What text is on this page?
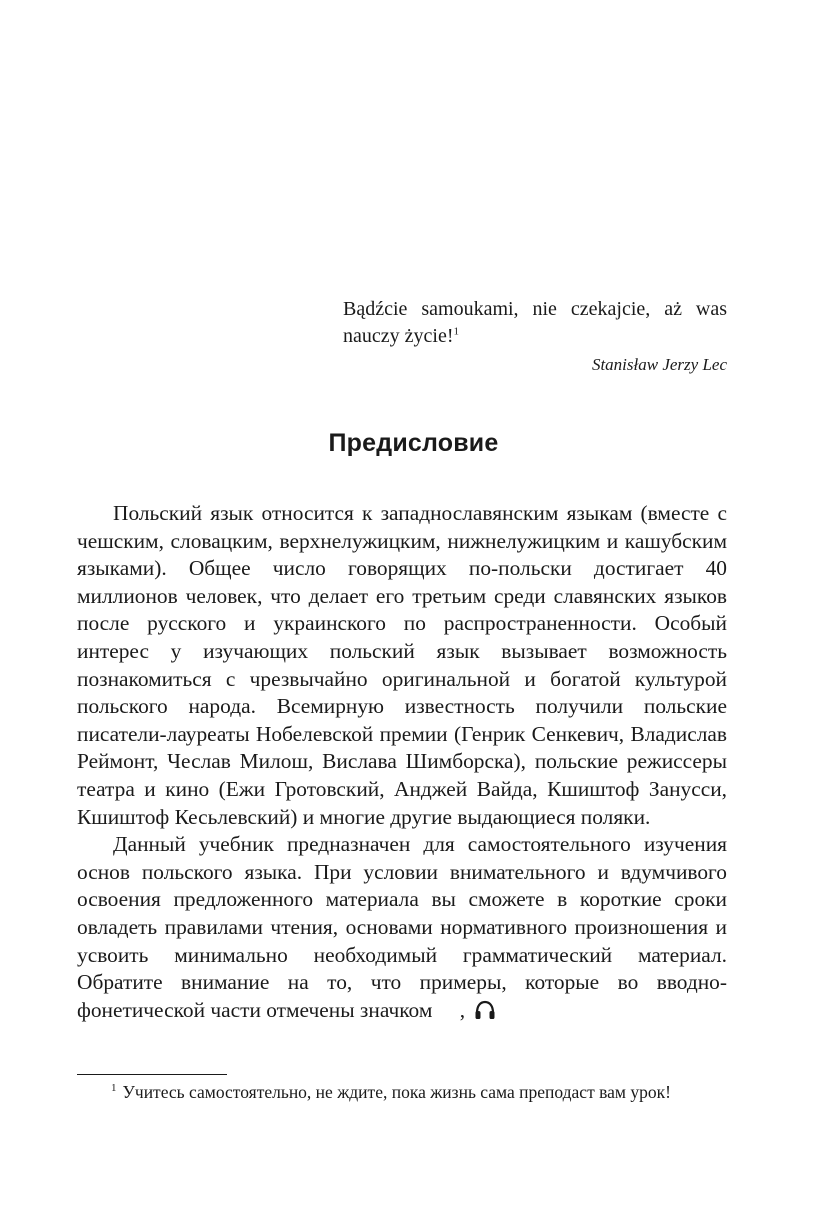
Bądźcie samoukami, nie czekajcie, aż was nauczy życie!$^1$
Stanisław Jerzy Lec
Предисловие

Польский язык относится к западнославянским языкам (вместе с чешским, словацким, верхнелужицким, нижнелужицким и кашубским языками). Общее число говорящих по-польски достигает 40 миллионов человек, что делает его третьим среди славянских языков после русского и украинского по распространенности. Особый интерес у изучающих польский язык вызывает возможность познакомиться с чрезвычайно оригинальной и богатой культурой польского народа. Всемирную известность получили польские писатели-лауреаты Нобелевской премии (Генрик Сенкевич, Владислав Реймонт, Чеслав Милош, Вислава Шимборска), польские режиссеры театра и кино (Ежи Гротовский, Анджей Вайда, Кшиштоф Занусси, Кшиштоф Кесьлевский) и многие другие выдающиеся поляки.

Данный учебник предназначен для самостоятельного изучения основ польского языка. При условии внимательного и вдумчивого освоения предложенного материала вы сможете в короткие сроки овладеть правилами чтения, основами нормативного произношения и усвоить минимально необходимый грамматический материал. Обратите внимание на то, что примеры, которые во вводно-фонетической части отмечены значком ,

$^1$ Учитесь самостоятельно, не ждите, пока жизнь сама преподаст вам урок!
